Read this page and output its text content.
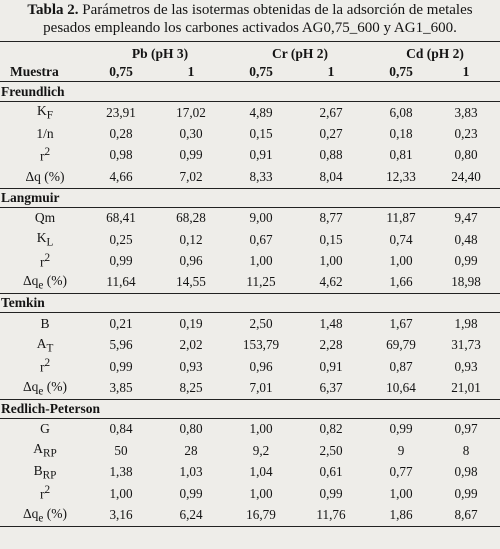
Tabla 2. Parámetros de las isotermas obtenidas de la adsorción de metales pesados empleando los carbones activados AG0,75_600 y AG1_600.
	Pb (pH 3)		Cr (pH 2)		Cd (pH 2)	
Muestra	0,75	1	0,75	1	0,75	1
Freundlich						
$K_F$	23,91	17,02	4,89	2,67	6,08	3,83
1/n	0,28	0,30	0,15	0,27	0,18	0,23
$r^2$	0,98	0,99	0,91	0,88	0,81	0,80
Δq (%)	4,66	7,02	8,33	8,04	12,33	24,40
Langmuir						
Qm	68,41	68,28	9,00	8,77	11,87	9,47
$K_L$	0,25	0,12	0,67	0,15	0,74	0,48
$r^2$	0,99	0,96	1,00	1,00	1,00	0,99
$\Delta q_e$ (%)	11,64	14,55	11,25	4,62	1,66	18,98
Temkin						
B	0,21	0,19	2,50	1,48	1,67	1,98
$A_T$	5,96	2,02	153,79	2,28	69,79	31,73
$r^2$	0,99	0,93	0,96	0,91	0,87	0,93
$\Delta q_e$ (%)	3,85	8,25	7,01	6,37	10,64	21,01
Redlich-Peterson						
G	0,84	0,80	1,00	0,82	0,99	0,97
$A_{RP}$	50	28	9,2	2,50	9	8
$B_{RP}$	1,38	1,03	1,04	0,61	0,77	0,98
$r^2$	1,00	0,99	1,00	0,99	1,00	0,99
$\Delta q_e$ (%)	3,16	6,24	16,79	11,76	1,86	8,67
